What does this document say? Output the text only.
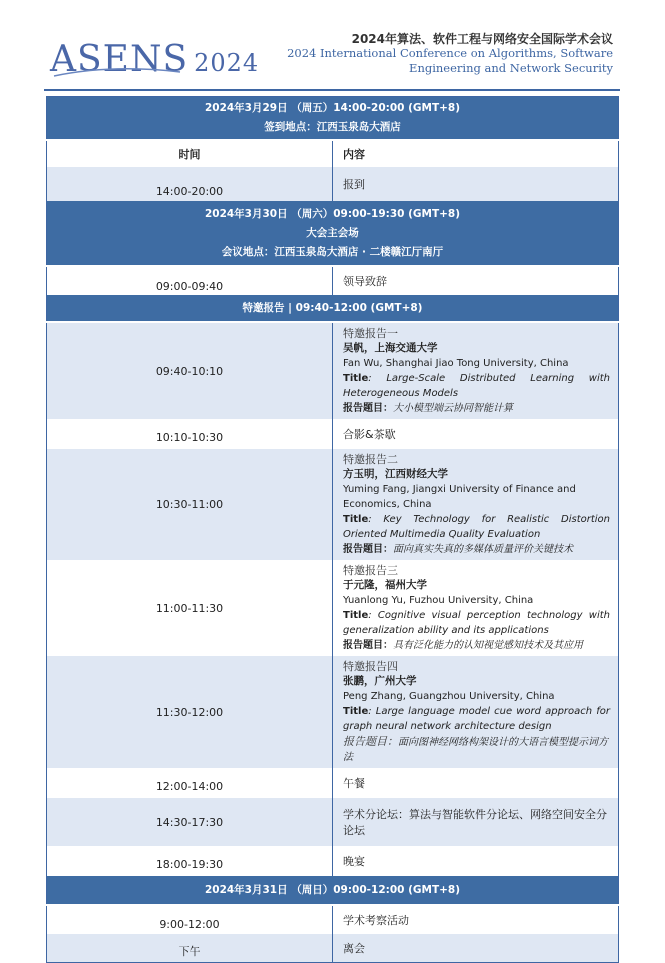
ASENS 2024
2024年算法、软件工程与网络安全国际学术会议
2024 International Conference on Algorithms, Software Engineering and Network Security
2024年3月29日 （周五）14:00-20:00 (GMT+8)
签到地点：江西玉泉岛大酒店	

时间	内容
14:00-20:00	报到

2024年3月30日 （周六）09:00-19:30 (GMT+8)
大会主会场
会议地点：江西玉泉岛大酒店 · 二楼赣江厅南厅	

09:00-09:40	领导致辞
特邀报告 | 09:40-12:00 (GMT+8)	
09:40-10:10	特邀报告一
吴帆，上海交通大学
Fan Wu, Shanghai Jiao Tong University, China
Title: Large-Scale Distributed Learning with Heterogeneous Models
报告题目：大小模型端云协同智能计算

10:10-10:30	合影&茶歇
10:30-11:00	特邀报告二
方玉明，江西财经大学
Yuming Fang, Jiangxi University of Finance and Economics, China
Title: Key Technology for Realistic Distortion Oriented Multimedia Quality Evaluation
报告题目：面向真实失真的多媒体质量评价关键技术

11:00-11:30	特邀报告三
于元隆，福州大学
Yuanlong Yu, Fuzhou University, China
Title: Cognitive visual perception technology with generalization ability and its applications
报告题目：具有泛化能力的认知视觉感知技术及其应用

11:30-12:00	特邀报告四
张鹏，广州大学
Peng Zhang, Guangzhou University, China
Title: Large language model cue word approach for graph neural network architecture design
报告题目：面向图神经网络构架设计的大语言模型提示词方法

12:00-14:00	午餐
14:30-17:30	学术分论坛：算法与智能软件分论坛、网络空间安全分论坛
18:00-19:30	晚宴
2024年3月31日 （周日）09:00-12:00 (GMT+8)	
9:00-12:00	学术考察活动
下午	离会
